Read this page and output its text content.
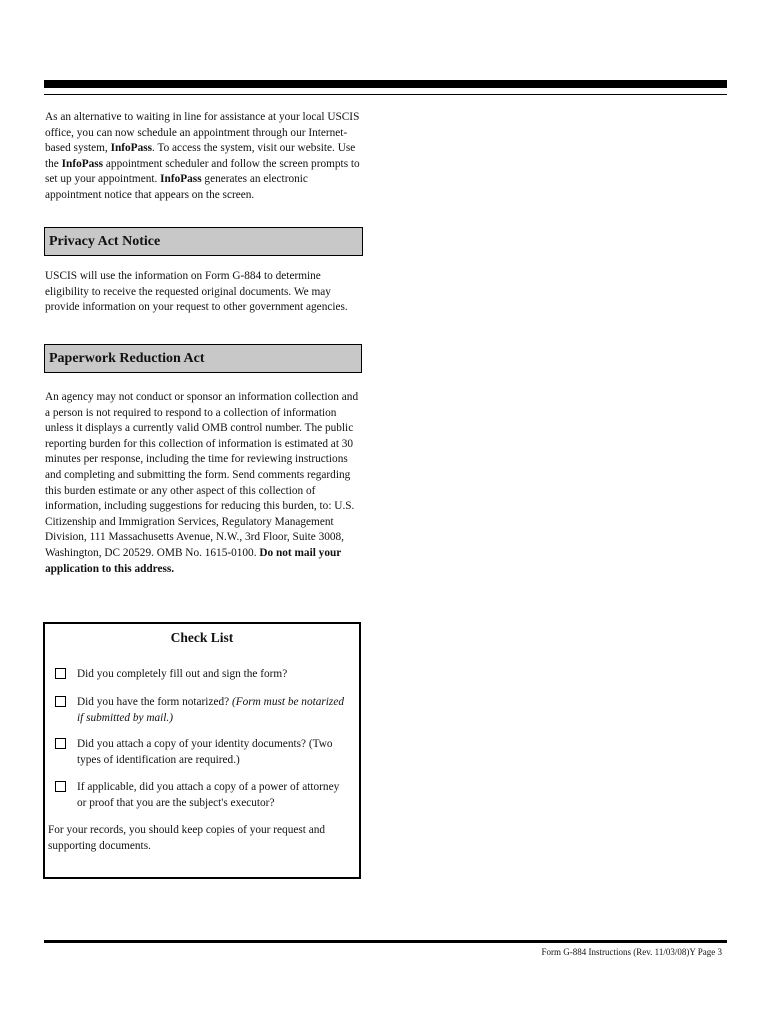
As an alternative to waiting in line for assistance at your local USCIS office, you can now schedule an appointment through our Internet-based system, InfoPass. To access the system, visit our website. Use the InfoPass appointment scheduler and follow the screen prompts to set up your appointment. InfoPass generates an electronic appointment notice that appears on the screen.

Privacy Act Notice

USCIS will use the information on Form G-884 to determine eligibility to receive the requested original documents. We may provide information on your request to other government agencies.

Paperwork Reduction Act

An agency may not conduct or sponsor an information collection and a person is not required to respond to a collection of information unless it displays a currently valid OMB control number. The public reporting burden for this collection of information is estimated at 30 minutes per response, including the time for reviewing instructions and completing and submitting the form. Send comments regarding this burden estimate or any other aspect of this collection of information, including suggestions for reducing this burden, to: U.S. Citizenship and Immigration Services, Regulatory Management Division, 111 Massachusetts Avenue, N.W., 3rd Floor, Suite 3008, Washington, DC 20529. OMB No. 1615-0100. Do not mail your application to this address.

Check List
Did you completely fill out and sign the form?
Did you have the form notarized? (Form must be notarized if submitted by mail.)
Did you attach a copy of your identity documents? (Two types of identification are required.)
If applicable, did you attach a copy of a power of attorney or proof that you are the subject's executor?
For your records, you should keep copies of your request and supporting documents.
Form G-884 Instructions (Rev. 11/03/08)Y Page 3
